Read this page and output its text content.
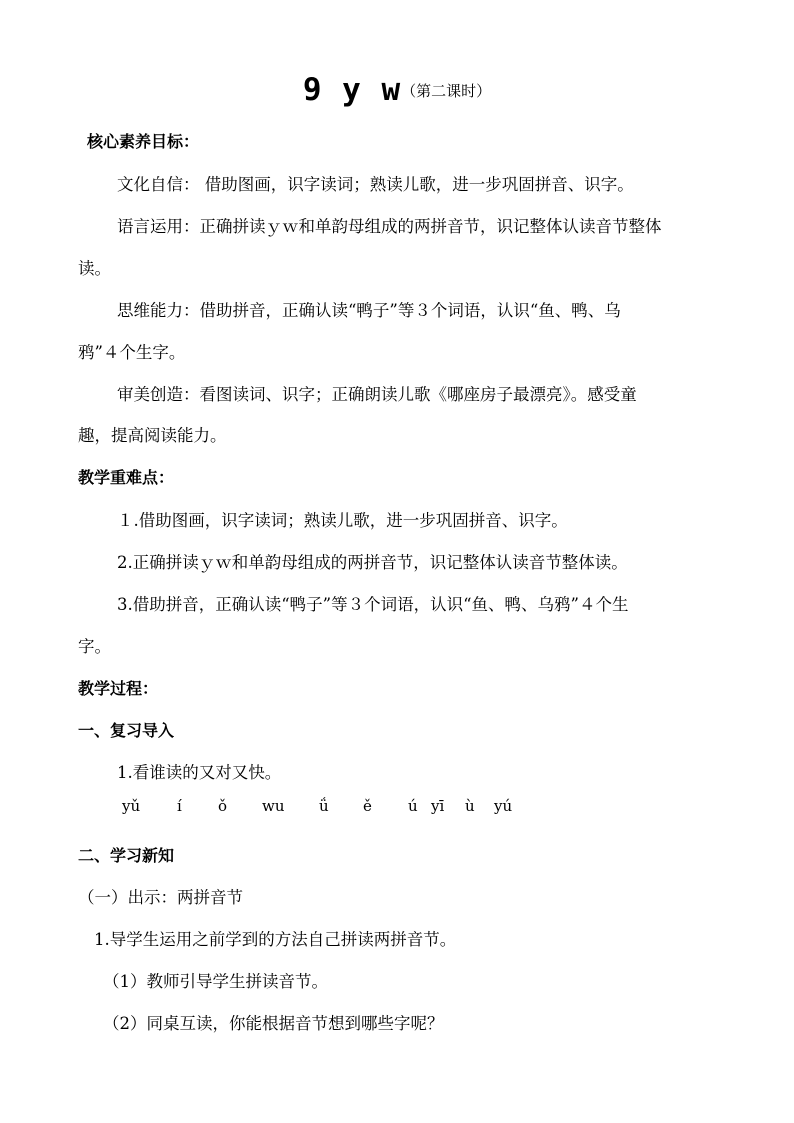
9 y w（第二课时）
核心素养目标：
文化自信： 借助图画，识字读词；熟读儿歌，进一步巩固拼音、识字。
语言运用：正确拼读ｙｗ和单韵母组成的两拼音节，识记整体认读音节整体
读。
思维能力：借助拼音，正确认读“鸭子”等３个词语，认识“鱼、鸭、乌
鸦”４个生字。
审美创造：看图读词、识字；正确朗读儿歌《哪座房子最漂亮》。感受童
趣，提高阅读能力。
教学重难点：
１.借助图画，识字读词；熟读儿歌，进一步巩固拼音、识字。
2.正确拼读ｙｗ和单韵母组成的两拼音节，识记整体认读音节整体读。
3.借助拼音，正确认读“鸭子”等３个词语，认识“鱼、鸭、乌鸦”４个生
字。
教学过程：
一、复习导入
1.看谁读的又对又快。
yǔ í ǒ wu ǘ ě ú yī ù yú
二、学习新知
（一）出示：两拼音节
1.导学生运用之前学到的方法自己拼读两拼音节。
（1）教师引导学生拼读音节。
（2）同桌互读，你能根据音节想到哪些字呢？
